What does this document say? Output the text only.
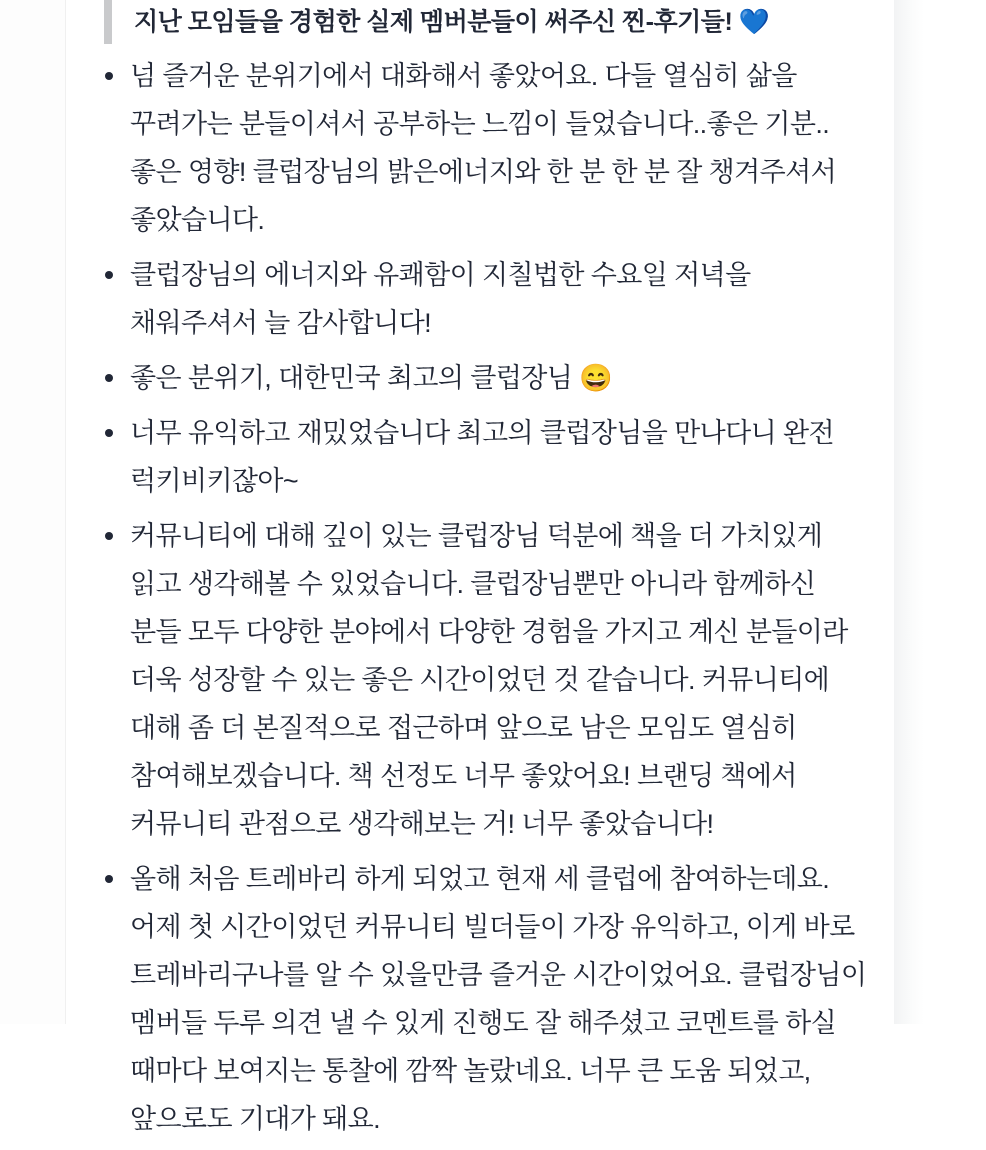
지난 모임들을 경험한 실제 멤버분들이 써주신 찐-후기들! 💙
넘 즐거운 분위기에서 대화해서 좋았어요. 다들 열심히 삶을 꾸려가는 분들이셔서 공부하는 느낌이 들었습니다..좋은 기분..좋은 영향! 클럽장님의 밝은에너지와 한 분 한 분 잘 챙겨주셔서 좋았습니다.
클럽장님의 에너지와 유쾌함이 지칠법한 수요일 저녁을 채워주셔서 늘 감사합니다!
좋은 분위기, 대한민국 최고의 클럽장님 😄
너무 유익하고 재밌었습니다 최고의 클럽장님을 만나다니 완전 럭키비키잖아~
커뮤니티에 대해 깊이 있는 클럽장님 덕분에 책을 더 가치있게 읽고 생각해볼 수 있었습니다. 클럽장님뿐만 아니라 함께하신 분들 모두 다양한 분야에서 다양한 경험을 가지고 계신 분들이라 더욱 성장할 수 있는 좋은 시간이었던 것 같습니다. 커뮤니티에 대해 좀 더 본질적으로 접근하며 앞으로 남은 모임도 열심히 참여해보겠습니다. 책 선정도 너무 좋았어요! 브랜딩 책에서 커뮤니티 관점으로 생각해보는 거! 너무 좋았습니다!
올해 처음 트레바리 하게 되었고 현재 세 클럽에 참여하는데요. 어제 첫 시간이었던 커뮤니티 빌더들이 가장 유익하고, 이게 바로 트레바리구나를 알 수 있을만큼 즐거운 시간이었어요. 클럽장님이 멤버들 두루 의견 낼 수 있게 진행도 잘 해주셨고 코멘트를 하실 때마다 보여지는 통찰에 깜짝 놀랐네요. 너무 큰 도움 되었고, 앞으로도 기대가 돼요.
